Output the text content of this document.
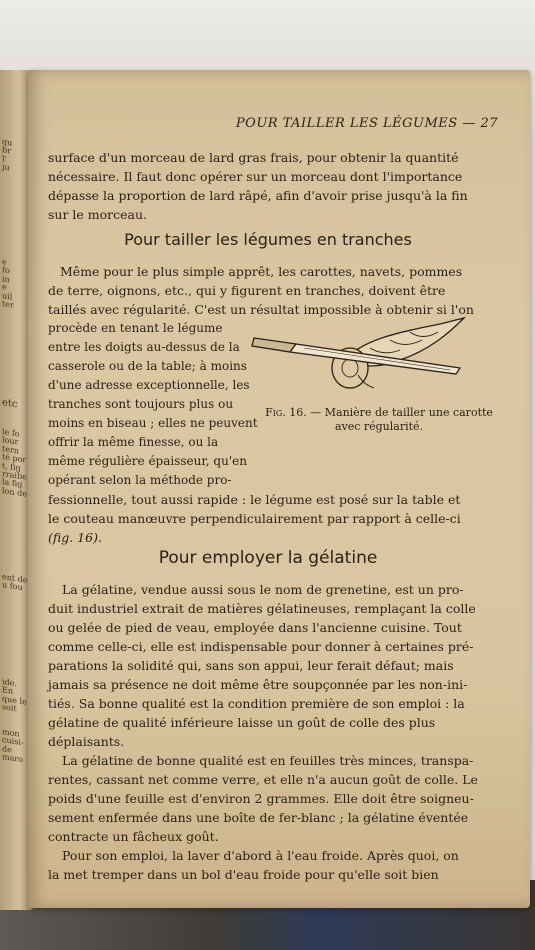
qu
br
l'
ju
e
fo
in
e
uil
ter
etc
le fo
lour
tern
té por
t, fig
rraibe
la fig
lon de
ent de
u fou
ide. En
que le
soit
mon
cuisi-
de
maro
POUR TAILLER LES LÉGUMES — 27
surface d'un morceau de lard gras frais, pour obtenir la quantité
nécessaire. Il faut donc opérer sur un morceau dont l'importance
dépasse la proportion de lard râpé, afin d'avoir prise jusqu'à la fin
sur le morceau.
Pour tailler les légumes en tranches
Même pour le plus simple apprêt, les carottes, navets, pommes
de terre, oignons, etc., qui y figurent en tranches, doivent être
taillés avec régularité. C'est un résultat impossible à obtenir si l'on
procède en tenant le légume
entre les doigts au-dessus de la
casserole ou de la table; à moins
d'une adresse exceptionnelle, les
tranches sont toujours plus ou
moins en biseau ; elles ne peuvent
offrir la même finesse, ou la
même régulière épaisseur, qu'en
opérant selon la méthode pro-
Fig. 16. — Manière de tailler une carotte avec régularité.
fessionnelle, tout aussi rapide : le légume est posé sur la table et
le couteau manœuvre perpendiculairement par rapport à celle-ci
(fig. 16).
Pour employer la gélatine
La gélatine, vendue aussi sous le nom de grenetine, est un pro-
duit industriel extrait de matières gélatineuses, remplaçant la colle
ou gelée de pied de veau, employée dans l'ancienne cuisine. Tout
comme celle-ci, elle est indispensable pour donner à certaines pré-
parations la solidité qui, sans son appui, leur ferait défaut; mais
jamais sa présence ne doit même être soupçonnée par les non-ini-
tiés. Sa bonne qualité est la condition première de son emploi : la
gélatine de qualité inférieure laisse un goût de colle des plus
déplaisants.
La gélatine de bonne qualité est en feuilles très minces, transpa-
rentes, cassant net comme verre, et elle n'a aucun goût de colle. Le
poids d'une feuille est d'environ 2 grammes. Elle doit être soigneu-
sement enfermée dans une boîte de fer-blanc ; la gélatine éventée
contracte un fâcheux goût.
Pour son emploi, la laver d'abord à l'eau froide. Après quoi, on
la met tremper dans un bol d'eau froide pour qu'elle soit bien
